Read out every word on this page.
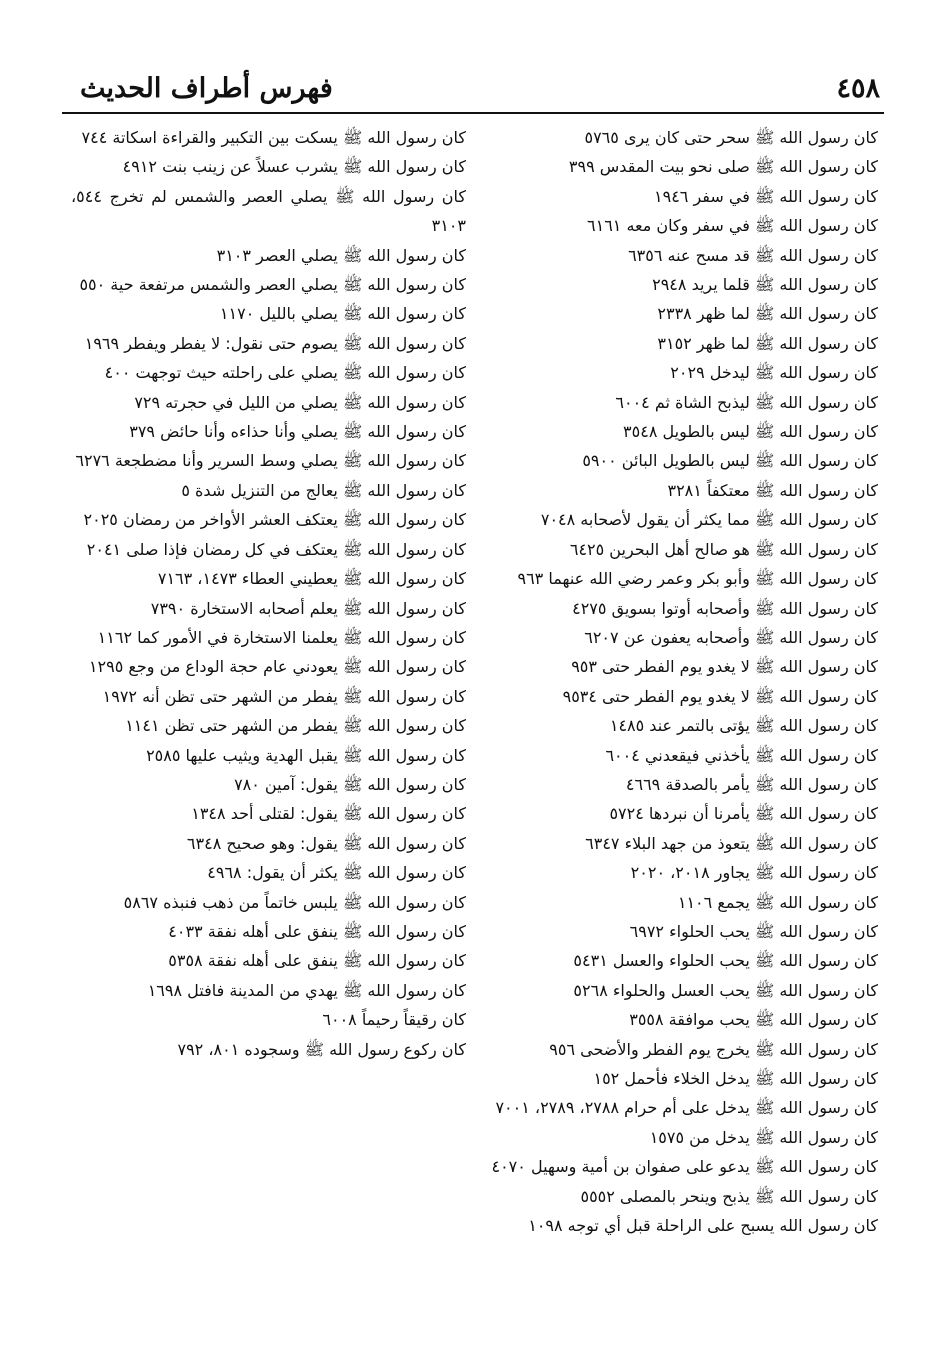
فهرس أطراف الحديث	٤٥٨
كان رسول الله ﷺ سحر حتى كان يرى ٥٧٦٥
كان رسول الله ﷺ صلى نحو بيت المقدس ٣٩٩
كان رسول الله ﷺ في سفر ١٩٤٦
كان رسول الله ﷺ في سفر وكان معه ٦١٦١
كان رسول الله ﷺ قد مسح عنه ٦٣٥٦
كان رسول الله ﷺ قلما يريد ٢٩٤٨
كان رسول الله ﷺ لما ظهر ٢٣٣٨
كان رسول الله ﷺ لما ظهر ٣١٥٢
كان رسول الله ﷺ ليدخل ٢٠٢٩
كان رسول الله ﷺ ليذبح الشاة ثم ٦٠٠٤
كان رسول الله ﷺ ليس بالطويل ٣٥٤٨
كان رسول الله ﷺ ليس بالطويل البائن ٥٩٠٠
كان رسول الله ﷺ معتكفاً ٣٢٨١
كان رسول الله ﷺ مما يكثر أن يقول لأصحابه ٧٠٤٨
كان رسول الله ﷺ هو صالح أهل البحرين ٦٤٢٥
كان رسول الله ﷺ وأبو بكر وعمر رضي الله عنهما ٩٦٣
كان رسول الله ﷺ وأصحابه أوتوا بسويق ٤٢٧٥
كان رسول الله ﷺ وأصحابه يعفون عن ٦٢٠٧
كان رسول الله ﷺ لا يغدو يوم الفطر حتى ٩٥٣
كان رسول الله ﷺ لا يغدو يوم الفطر حتى ٩٥٣٤
كان رسول الله ﷺ يؤتى بالتمر عند ١٤٨٥
كان رسول الله ﷺ يأخذني فيقعدني ٦٠٠٤
كان رسول الله ﷺ يأمر بالصدقة ٤٦٦٩
كان رسول الله ﷺ يأمرنا أن نبردها ٥٧٢٤
كان رسول الله ﷺ يتعوذ من جهد البلاء ٦٣٤٧
كان رسول الله ﷺ يجاور ٢٠١٨، ٢٠٢٠
كان رسول الله ﷺ يجمع ١١٠٦
كان رسول الله ﷺ يحب الحلواء ٦٩٧٢
كان رسول الله ﷺ يحب الحلواء والعسل ٥٤٣١
كان رسول الله ﷺ يحب العسل والحلواء ٥٢٦٨
كان رسول الله ﷺ يحب موافقة ٣٥٥٨
كان رسول الله ﷺ يخرج يوم الفطر والأضحى ٩٥٦
كان رسول الله ﷺ يدخل الخلاء فأحمل ١٥٢
كان رسول الله ﷺ يدخل على أم حرام ٢٧٨٨، ٢٧٨٩، ٧٠٠١
كان رسول الله ﷺ يدخل من ١٥٧٥
كان رسول الله ﷺ يدعو على صفوان بن أمية وسهيل ٤٠٧٠
كان رسول الله ﷺ يذبح وينحر بالمصلى ٥٥٥٢
كان رسول الله يسبح على الراحلة قبل أي توجه ١٠٩٨
كان رسول الله ﷺ يسكت بين التكبير والقراءة اسكاتة ٧٤٤
كان رسول الله ﷺ يشرب عسلاً عن زينب بنت ٤٩١٢
كان رسول الله ﷺ يصلي العصر والشمس لم تخرج ٥٤٤، ٣١٠٣
كان رسول الله ﷺ يصلي العصر ٣١٠٣
كان رسول الله ﷺ يصلي العصر والشمس مرتفعة حية ٥٥٠
كان رسول الله ﷺ يصلي بالليل ١١٧٠
كان رسول الله ﷺ يصوم حتى نقول: لا يفطر ويفطر ١٩٦٩
كان رسول الله ﷺ يصلي على راحلته حيث توجهت ٤٠٠
كان رسول الله ﷺ يصلي من الليل في حجرته ٧٢٩
كان رسول الله ﷺ يصلي وأنا حذاءه وأنا حائض ٣٧٩
كان رسول الله ﷺ يصلي وسط السرير وأنا مضطجعة ٦٢٧٦
كان رسول الله ﷺ يعالج من التنزيل شدة ٥
كان رسول الله ﷺ يعتكف العشر الأواخر من رمضان ٢٠٢٥
كان رسول الله ﷺ يعتكف في كل رمضان فإذا صلى ٢٠٤١
كان رسول الله ﷺ يعطيني العطاء ١٤٧٣، ٧١٦٣
كان رسول الله ﷺ يعلم أصحابه الاستخارة ٧٣٩٠
كان رسول الله ﷺ يعلمنا الاستخارة في الأمور كما ١١٦٢
كان رسول الله ﷺ يعودني عام حجة الوداع من وجع ١٢٩٥
كان رسول الله ﷺ يفطر من الشهر حتى تظن أنه ١٩٧٢
كان رسول الله ﷺ يفطر من الشهر حتى تظن ١١٤١
كان رسول الله ﷺ يقبل الهدية ويثيب عليها ٢٥٨٥
كان رسول الله ﷺ يقول: آمين ٧٨٠
كان رسول الله ﷺ يقول: لقتلى أحد ١٣٤٨
كان رسول الله ﷺ يقول: وهو صحيح ٦٣٤٨
كان رسول الله ﷺ يكثر أن يقول: ٤٩٦٨
كان رسول الله ﷺ يلبس خاتماً من ذهب فنبذه ٥٨٦٧
كان رسول الله ﷺ ينفق على أهله نفقة ٤٠٣٣
كان رسول الله ﷺ ينفق على أهله نفقة ٥٣٥٨
كان رسول الله ﷺ يهدي من المدينة فافتل ١٦٩٨
كان رقيقاً رحيماً ٦٠٠٨
كان ركوع رسول الله ﷺ وسجوده ٨٠١، ٧٩٢
